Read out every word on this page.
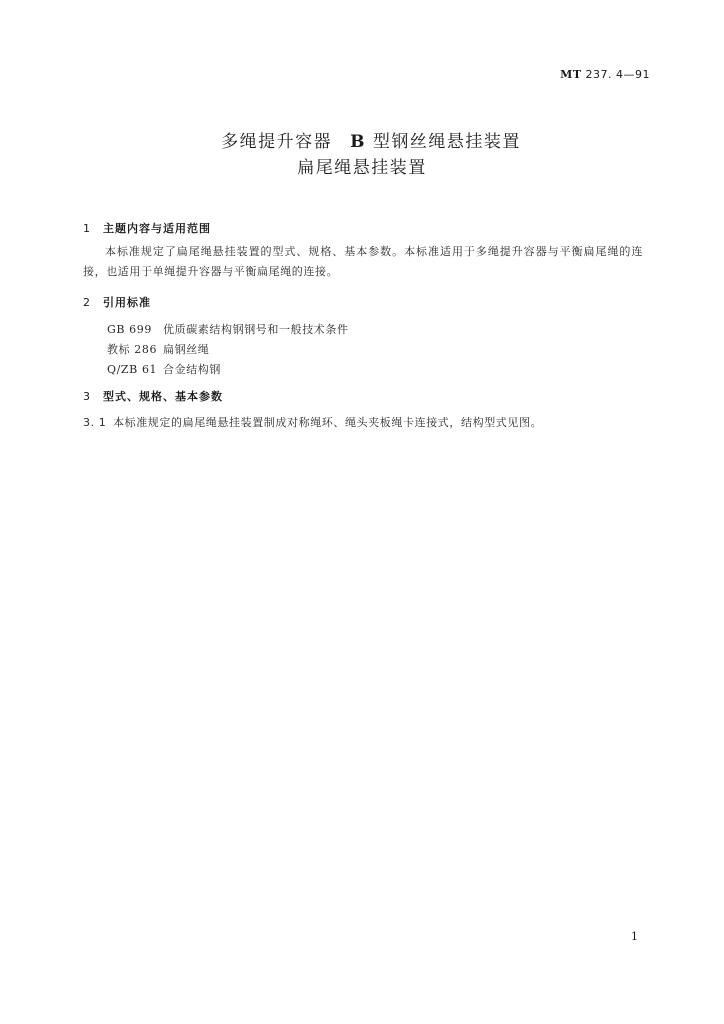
MT 237. 4—91
多绳提升容器 B 型钢丝绳悬挂装置
扁尾绳悬挂装置
1 主题内容与适用范围
本标准规定了扁尾绳悬挂装置的型式、规格、基本参数。本标准适用于多绳提升容器与平衡扁尾绳的连接，也适用于单绳提升容器与平衡扁尾绳的连接。
2 引用标准
GB 699	优质碳素结构钢钢号和一般技术条件
教标 286 扁钢丝绳
Q/ZB 61 合金结构钢
3 型式、规格、基本参数
3. 1 本标准规定的扁尾绳悬挂装置制成对称绳环、绳头夹板绳卡连接式，结构型式见图。
1
